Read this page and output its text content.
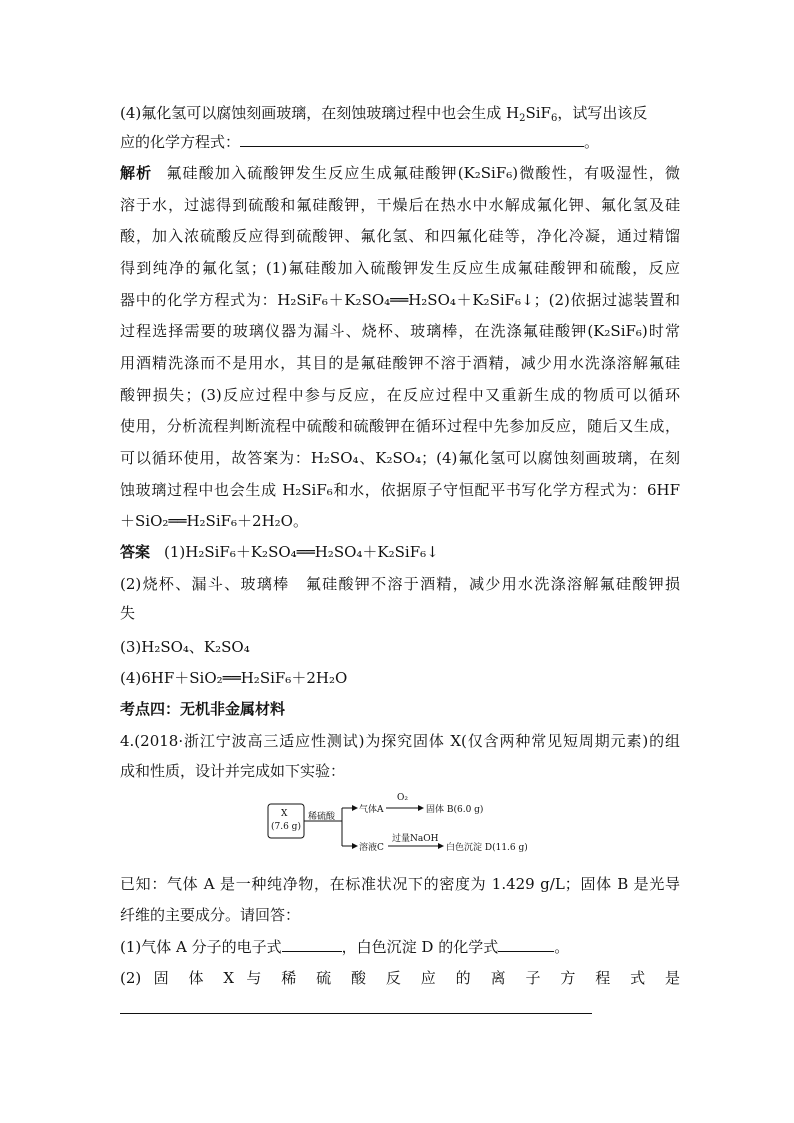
(4)氟化氢可以腐蚀刻画玻璃，在刻蚀玻璃过程中也会生成 $H_2SiF_6$，试写出该反
应的化学方程式：	。
解析 氟硅酸加入硫酸钾发生反应生成氟硅酸钾(K₂SiF₆)微酸性，有吸湿性，微
溶于水，过滤得到硫酸和氟硅酸钾，干燥后在热水中水解成氟化钾、氟化氢及硅
酸，加入浓硫酸反应得到硫酸钾、氟化氢、和四氟化硅等，净化冷凝，通过精馏
得到纯净的氟化氢；(1)氟硅酸加入硫酸钾发生反应生成氟硅酸钾和硫酸，反应
器中的化学方程式为：H₂SiF₆＋K₂SO₄══H₂SO₄＋K₂SiF₆↓；(2)依据过滤装置和
过程选择需要的玻璃仪器为漏斗、烧杯、玻璃棒，在洗涤氟硅酸钾(K₂SiF₆)时常
用酒精洗涤而不是用水，其目的是氟硅酸钾不溶于酒精，减少用水洗涤溶解氟硅
酸钾损失；(3)反应过程中参与反应，在反应过程中又重新生成的物质可以循环
使用，分析流程判断流程中硫酸和硫酸钾在循环过程中先参加反应，随后又生成，
可以循环使用，故答案为：H₂SO₄、K₂SO₄；(4)氟化氢可以腐蚀刻画玻璃，在刻
蚀玻璃过程中也会生成 H₂SiF₆和水，依据原子守恒配平书写化学方程式为：6HF
＋SiO₂══H₂SiF₆＋2H₂O。
答案 (1)H₂SiF₆＋K₂SO₄══H₂SO₄＋K₂SiF₆↓
(2)烧杯、漏斗、玻璃棒　氟硅酸钾不溶于酒精，减少用水洗涤溶解氟硅酸钾损
失
(3)H₂SO₄、K₂SO₄
(4)6HF＋SiO₂══H₂SiF₆＋2H₂O
考点四：无机非金属材料
4.(2018·浙江宁波高三适应性测试)为探究固体 X(仅含两种常见短周期元素)的组
成和性质，设计并完成如下实验：
X
(7.6 g)
稀硫酸
气体A
O₂
固体 B(6.0 g)
溶液C
过量NaOH
白色沉淀 D(11.6 g)
已知：气体 A 是一种纯净物，在标准状况下的密度为 1.429 g/L；固体 B 是光导
纤维的主要成分。请回答：
(1)气体 A 分子的电子式	，白色沉淀 D 的化学式	。
(2) 固 体 X 与 稀 硫 酸 反 应 的 离 子 方 程 式 是
